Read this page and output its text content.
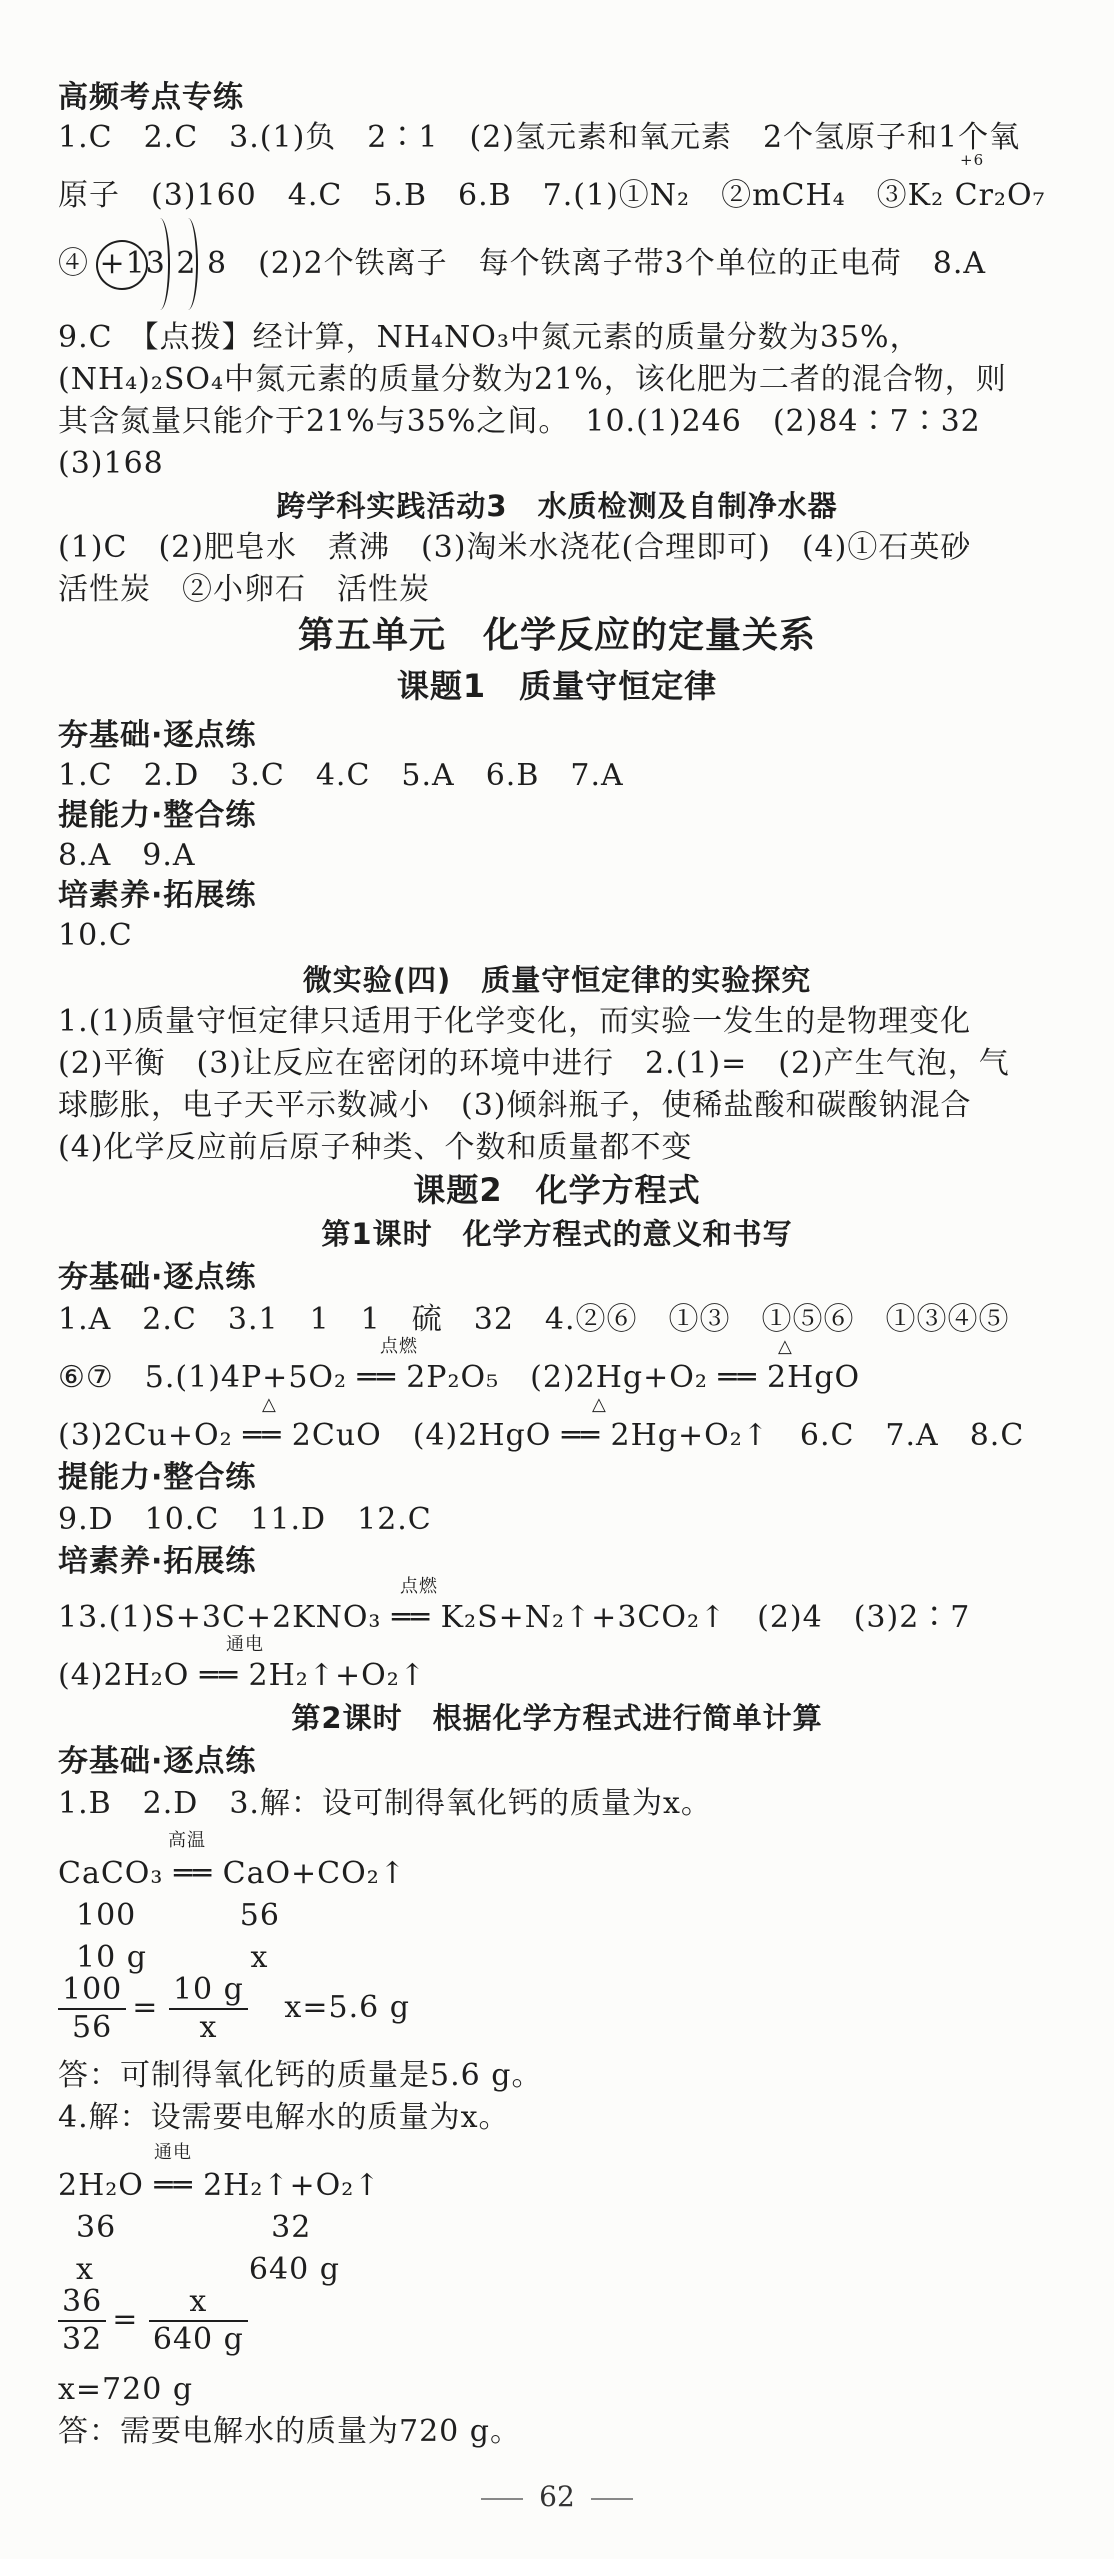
高频考点专练
1.C　2.C　3.(1)负　2∶1　(2)氢元素和氧元素　2个氢原子和1个氧
原子　(3)160　4.C　5.B　6.B　7.(1)①N₂　②mCH₄　③K₂ Cr₂O₇
+6
④ +13 2 8　(2)2个铁离子　每个铁离子带3个单位的正电荷　8.A
9.C　【点拨】经计算，NH₄NO₃中氮元素的质量分数为35%，
(NH₄)₂SO₄中氮元素的质量分数为21%，该化肥为二者的混合物，则
其含氮量只能介于21%与35%之间。　10.(1)246　(2)84∶7∶32
(3)168
跨学科实践活动3　水质检测及自制净水器
(1)C　(2)肥皂水　煮沸　(3)淘米水浇花(合理即可)　(4)①石英砂
活性炭　②小卵石　活性炭
第五单元　化学反应的定量关系
课题1　质量守恒定律
夯基础·逐点练
1.C　2.D　3.C　4.C　5.A　6.B　7.A
提能力·整合练
8.A　9.A
培素养·拓展练
10.C
微实验(四)　质量守恒定律的实验探究
1.(1)质量守恒定律只适用于化学变化，而实验一发生的是物理变化
(2)平衡　(3)让反应在密闭的环境中进行　2.(1)=　(2)产生气泡，气
球膨胀，电子天平示数减小　(3)倾斜瓶子，使稀盐酸和碳酸钠混合
(4)化学反应前后原子种类、个数和质量都不变
课题2　化学方程式
第1课时　化学方程式的意义和书写
夯基础·逐点练
1.A　2.C　3.1　1　1　硫　32　4.②⑥　①③　①⑤⑥　①③④⑤
⑥⑦　5.(1)4P+5O₂ ══ 2P₂O₅　(2)2Hg+O₂ ══ 2HgO
点燃	△
(3)2Cu+O₂ ══ 2CuO　(4)2HgO ══ 2Hg+O₂↑　6.C　7.A　8.C
△	△
提能力·整合练
9.D　10.C　11.D　12.C
培素养·拓展练
13.(1)S+3C+2KNO₃ ══ K₂S+N₂↑+3CO₂↑　(2)4　(3)2∶7
点燃
(4)2H₂O ══ 2H₂↑+O₂↑
通电
第2课时　根据化学方程式进行简单计算
夯基础·逐点练
1.B　2.D　3.解：设可制得氧化钙的质量为x。
CaCO₃ ══ CaO+CO₂↑
高温
100　　　 56
10 g　　　 x
$\frac{100}{56} = \frac{10 g}{x} x=5.6$ g
答：可制得氧化钙的质量是5.6 g。
4.解：设需要电解水的质量为x。
2H₂O ══ 2H₂↑+O₂↑
通电
36　　　　　32
x　　　　　640 g
$\frac{36}{32} = \frac{x}{640 g}$
x=720 g
答：需要电解水的质量为720 g。
62
